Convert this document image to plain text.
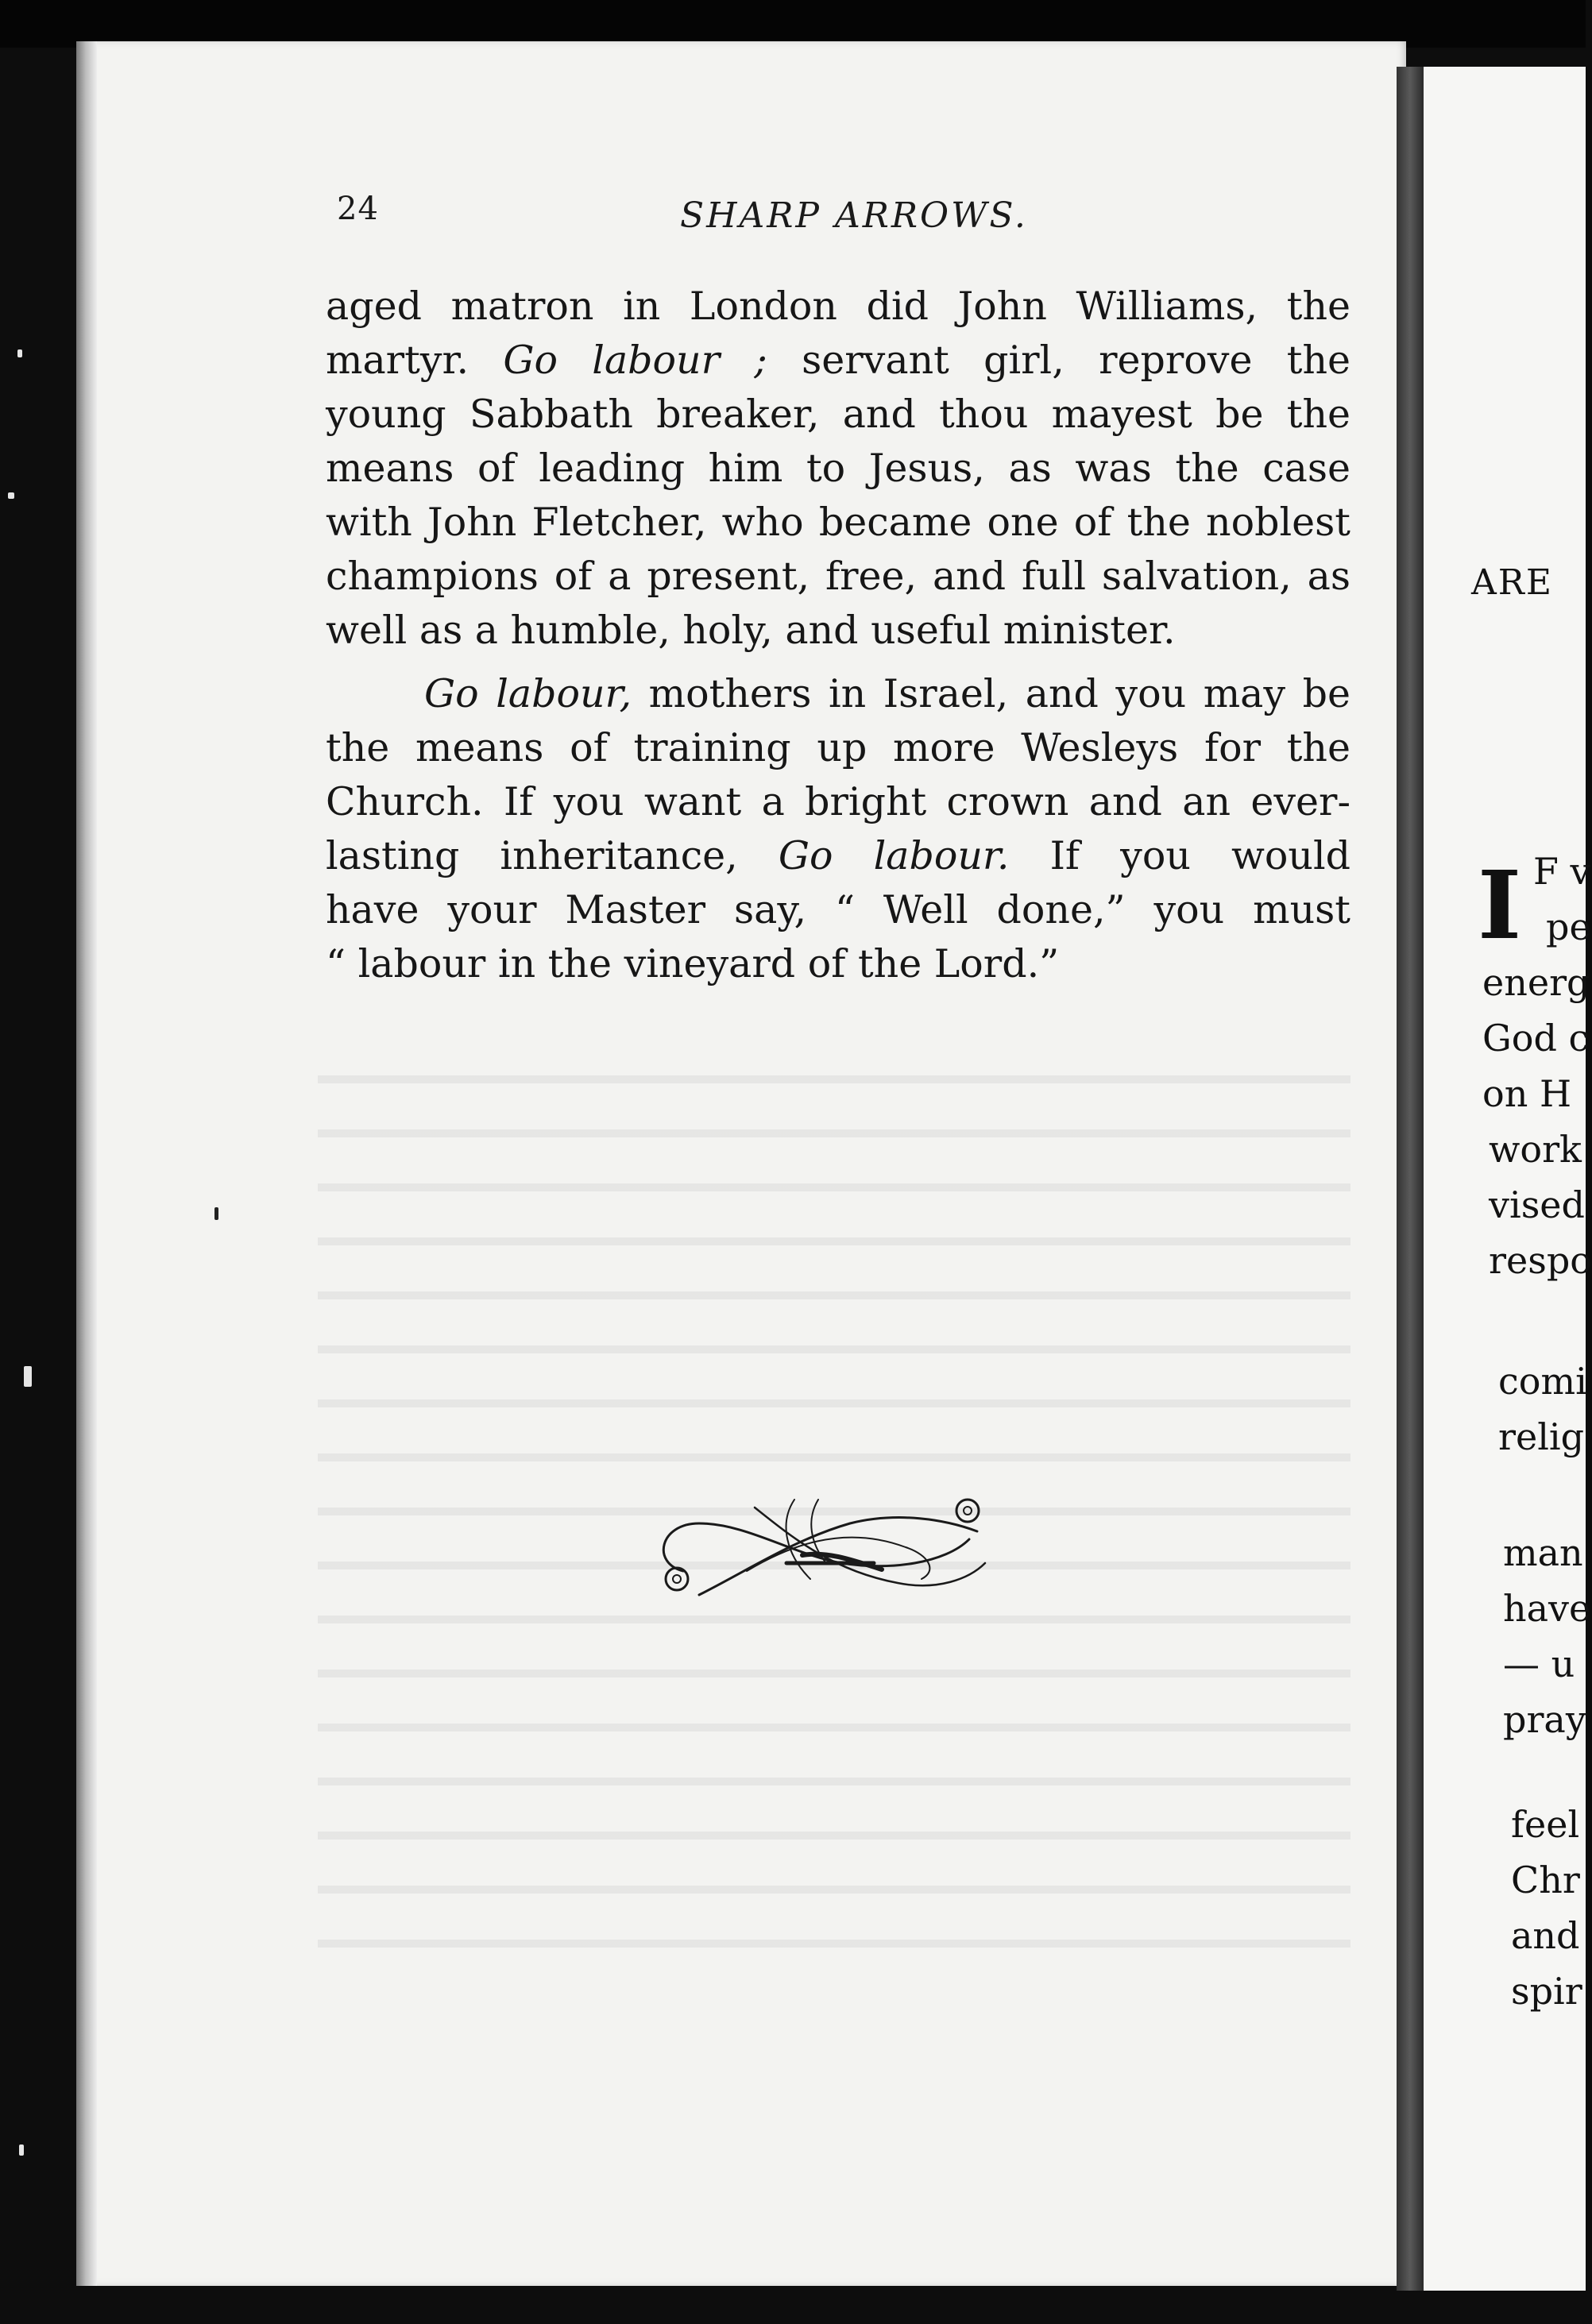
24	SHARP ARROWS.
aged matron in London did John Williams, the
martyr. Go labour ; servant girl, reprove the
young Sabbath breaker, and thou mayest be the
means of leading him to Jesus, as was the case
with John Fletcher, who became one of the noblest
champions of a present, free, and full salvation, as
well as a humble, holy, and useful minister.
Go labour, mothers in Israel, and you may be
the means of training up more Wesleys for the
Church. If you want a bright crown and an ever-
lasting inheritance, Go labour. If you would
have your Master say, “ Well done,” you must
“ labour in the vineyard of the Lord.”
ARE
I F v
pe
energ
God c
on H
work
vised
respo
comi
relig
man
have
— u
pray
feel
Chr
and
spir
